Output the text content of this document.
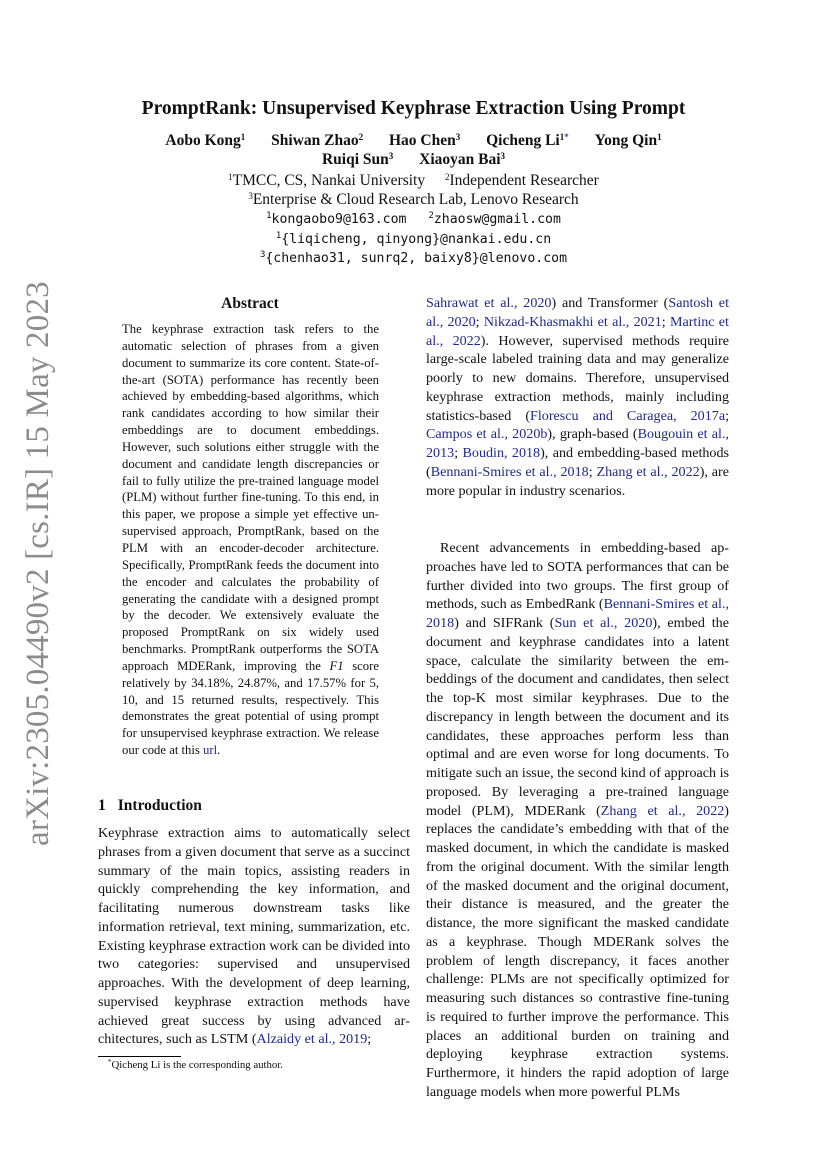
arXiv:2305.04490v2 [cs.IR] 15 May 2023
PromptRank: Unsupervised Keyphrase Extraction Using Prompt
Aobo Kong$^1$ Shiwan Zhao$^2$ Hao Chen$^3$ Qicheng $Li^{1*}$ Yong Qin$^1$
Ruiqi Sun$^3$ Xiaoyan Bai$^3$
$^1$TMCC, CS, Nankai University $^2$Independent Researcher
$^3$Enterprise & Cloud Research Lab, Lenovo Research
$^1$kongaobo9@163.com $^2$zhaosw@gmail.com
$^1${liqicheng, qinyong}@nankai.edu.cn
$^3${chenhao31, sunrq2, baixy8}@lenovo.com
Abstract
The keyphrase extraction task refers to the automatic selection of phrases from a given document to summarize its core content. State-of-the-art (SOTA) performance has recently been achieved by embedding-based algorithms, which rank candidates according to how similar their embeddings are to document embeddings. However, such solutions either struggle with the document and candidate length discrepancies or fail to fully utilize the pre-trained language model (PLM) without further fine-tuning. To this end, in this paper, we propose a simple yet effective unsupervised approach, PromptRank, based on the PLM with an encoder-decoder architecture. Specifically, PromptRank feeds the document into the encoder and calculates the probability of generating the candidate with a designed prompt by the decoder. We extensively evaluate the proposed PromptRank on six widely used benchmarks. PromptRank outperforms the SOTA approach MDERank, improving the F1 score relatively by 34.18%, 24.87%, and 17.57% for 5, 10, and 15 returned results, respectively. This demonstrates the great potential of using prompt for unsupervised keyphrase extraction. We release our code at this url.
1 Introduction
Keyphrase extraction aims to automatically select phrases from a given document that serve as a succinct summary of the main topics, assisting readers in quickly comprehending the key information, and facilitating numerous downstream tasks like information retrieval, text mining, summarization, etc. Existing keyphrase extraction work can be divided into two categories: supervised and unsupervised approaches. With the development of deep learning, supervised keyphrase extraction methods have achieved great success by using advanced architectures, such as LSTM (Alzaidy et al., 2019;
*Qicheng Li is the corresponding author.
Sahrawat et al., 2020) and Transformer (Santosh et al., 2020; Nikzad-Khasmakhi et al., 2021; Martinc et al., 2022). However, supervised methods require large-scale labeled training data and may generalize poorly to new domains. Therefore, unsupervised keyphrase extraction methods, mainly including statistics-based (Florescu and Caragea, 2017a; Campos et al., 2020b), graph-based (Bougouin et al., 2013; Boudin, 2018), and embedding-based methods (Bennani-Smires et al., 2018; Zhang et al., 2022), are more popular in industry scenarios.
Recent advancements in embedding-based approaches have led to SOTA performances that can be further divided into two groups. The first group of methods, such as EmbedRank (Bennani-Smires et al., 2018) and SIFRank (Sun et al., 2020), embed the document and keyphrase candidates into a latent space, calculate the similarity between the embeddings of the document and candidates, then select the top-K most similar keyphrases. Due to the discrepancy in length between the document and its candidates, these approaches perform less than optimal and are even worse for long documents. To mitigate such an issue, the second kind of approach is proposed. By leveraging a pre-trained language model (PLM), MDERank (Zhang et al., 2022) replaces the candidate’s embedding with that of the masked document, in which the candidate is masked from the original document. With the similar length of the masked document and the original document, their distance is measured, and the greater the distance, the more significant the masked candidate as a keyphrase. Though MDERank solves the problem of length discrepancy, it faces another challenge: PLMs are not specifically optimized for measuring such distances so contrastive fine-tuning is required to further improve the performance. This places an additional burden on training and deploying keyphrase extraction systems. Furthermore, it hinders the rapid adoption of large language models when more powerful PLMs
